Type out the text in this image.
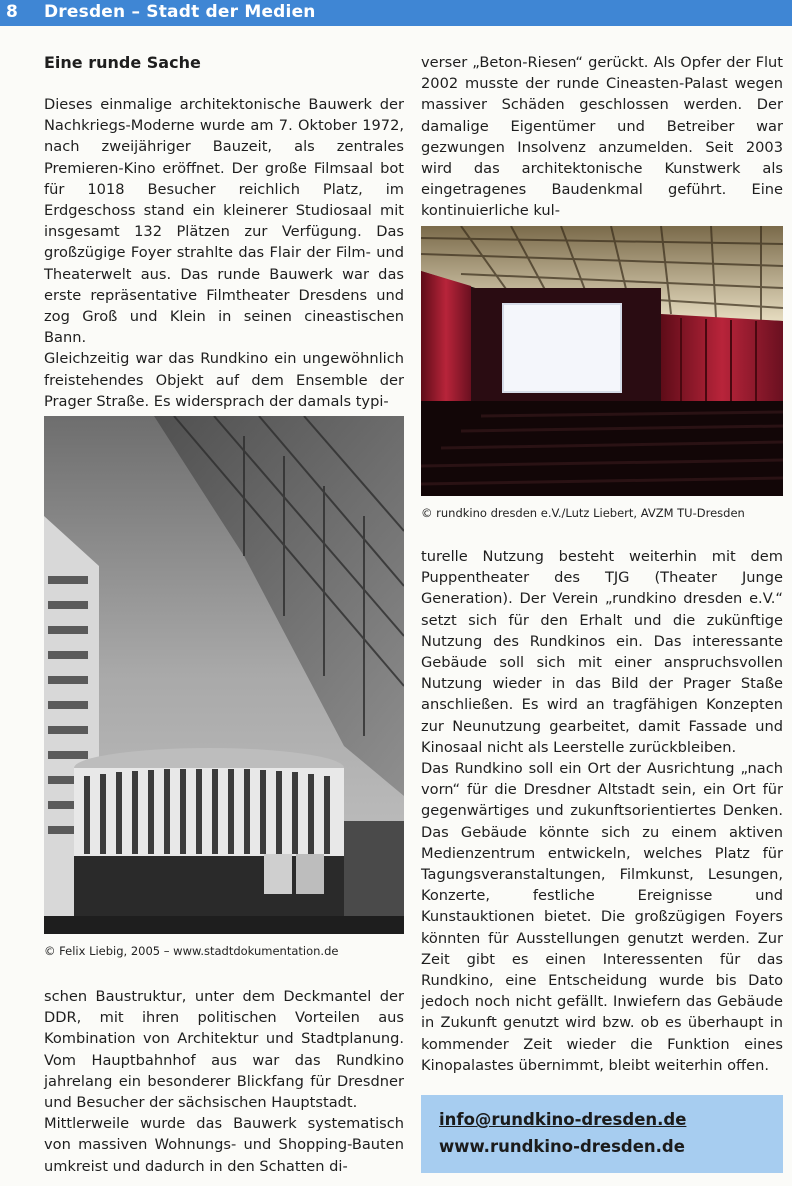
8 Dresden – Stadt der Medien
Eine runde Sache

Dieses einmalige architektonische Bauwerk der Nachkriegs-Moderne wurde am 7. Oktober 1972, nach zweijähriger Bauzeit, als zentrales Premieren-Kino eröffnet. Der große Filmsaal bot für 1018 Besucher reichlich Platz, im Erdgeschoss stand ein kleinerer Studiosaal mit insgesamt 132 Plätzen zur Verfügung. Das großzügige Foyer strahlte das Flair der Film- und Theaterwelt aus. Das runde Bauwerk war das erste repräsentative Filmtheater Dresdens und zog Groß und Klein in seinen cineastischen Bann.

Gleichzeitig war das Rundkino ein ungewöhnlich freistehendes Objekt auf dem Ensemble der Prager Straße. Es widersprach der damals typi-

© Felix Liebig, 2005 – www.stadtdokumentation.de

schen Baustruktur, unter dem Deckmantel der DDR, mit ihren politischen Vorteilen aus Kombination von Architektur und Stadtplanung. Vom Hauptbahnhof aus war das Rundkino jahrelang ein besonderer Blickfang für Dresdner und Besucher der sächsischen Hauptstadt.

Mittlerweile wurde das Bauwerk systematisch von massiven Wohnungs- und Shopping-Bauten umkreist und dadurch in den Schatten di-

verser „Beton-Riesen“ gerückt. Als Opfer der Flut 2002 musste der runde Cineasten-Palast wegen massiver Schäden geschlossen werden. Der damalige Eigentümer und Betreiber war gezwungen Insolvenz anzumelden. Seit 2003 wird das architektonische Kunstwerk als eingetragenes Baudenkmal geführt. Eine kontinuierliche kul-

© rundkino dresden e.V./Lutz Liebert, AVZM TU-Dresden

turelle Nutzung besteht weiterhin mit dem Puppentheater des TJG (Theater Junge Generation). Der Verein „rundkino dresden e.V.“ setzt sich für den Erhalt und die zukünftige Nutzung des Rundkinos ein. Das interessante Gebäude soll sich mit einer anspruchsvollen Nutzung wieder in das Bild der Prager Staße anschließen. Es wird an tragfähigen Konzepten zur Neunutzung gearbeitet, damit Fassade und Kinosaal nicht als Leerstelle zurückbleiben.

Das Rundkino soll ein Ort der Ausrichtung „nach vorn“ für die Dresdner Altstadt sein, ein Ort für gegenwärtiges und zukunftsorientiertes Denken. Das Gebäude könnte sich zu einem aktiven Medienzentrum entwickeln, welches Platz für Tagungsveranstaltungen, Filmkunst, Lesungen, Konzerte, festliche Ereignisse und Kunstauktionen bietet. Die großzügigen Foyers könnten für Ausstellungen genutzt werden. Zur Zeit gibt es einen Interessenten für das Rundkino, eine Entscheidung wurde bis Dato jedoch noch nicht gefällt. Inwiefern das Gebäude in Zukunft genutzt wird bzw. ob es überhaupt in kommender Zeit wieder die Funktion eines Kinopalastes übernimmt, bleibt weiterhin offen.

info@rundkino-dresden.de
www.rundkino-dresden.de
